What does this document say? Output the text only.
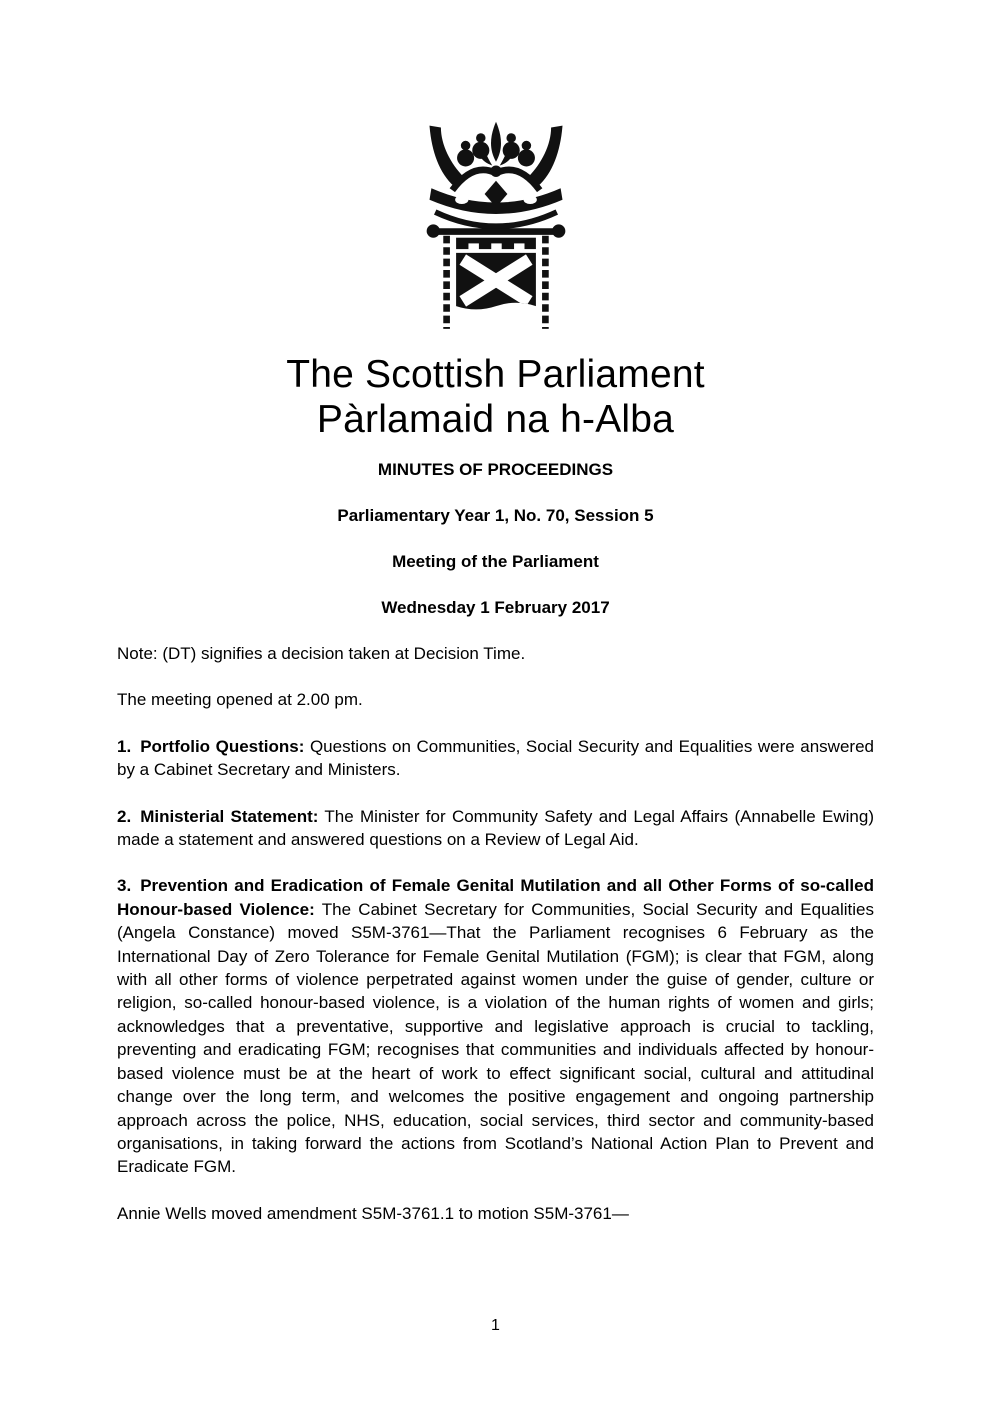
The Scottish Parliament
Pàrlamaid na h-Alba
MINUTES OF PROCEEDINGS
Parliamentary Year 1, No. 70, Session 5
Meeting of the Parliament
Wednesday 1 February 2017

Note: (DT) signifies a decision taken at Decision Time.

The meeting opened at 2.00 pm.

1. Portfolio Questions: Questions on Communities, Social Security and Equalities were answered by a Cabinet Secretary and Ministers.

2. Ministerial Statement: The Minister for Community Safety and Legal Affairs (Annabelle Ewing) made a statement and answered questions on a Review of Legal Aid.

3. Prevention and Eradication of Female Genital Mutilation and all Other Forms of so-called Honour-based Violence: The Cabinet Secretary for Communities, Social Security and Equalities (Angela Constance) moved S5M-3761—That the Parliament recognises 6 February as the International Day of Zero Tolerance for Female Genital Mutilation (FGM); is clear that FGM, along with all other forms of violence perpetrated against women under the guise of gender, culture or religion, so-called honour-based violence, is a violation of the human rights of women and girls; acknowledges that a preventative, supportive and legislative approach is crucial to tackling, preventing and eradicating FGM; recognises that communities and individuals affected by honour-based violence must be at the heart of work to effect significant social, cultural and attitudinal change over the long term, and welcomes the positive engagement and ongoing partnership approach across the police, NHS, education, social services, third sector and community-based organisations, in taking forward the actions from Scotland’s National Action Plan to Prevent and Eradicate FGM.

Annie Wells moved amendment S5M-3761.1 to motion S5M-3761—

1
